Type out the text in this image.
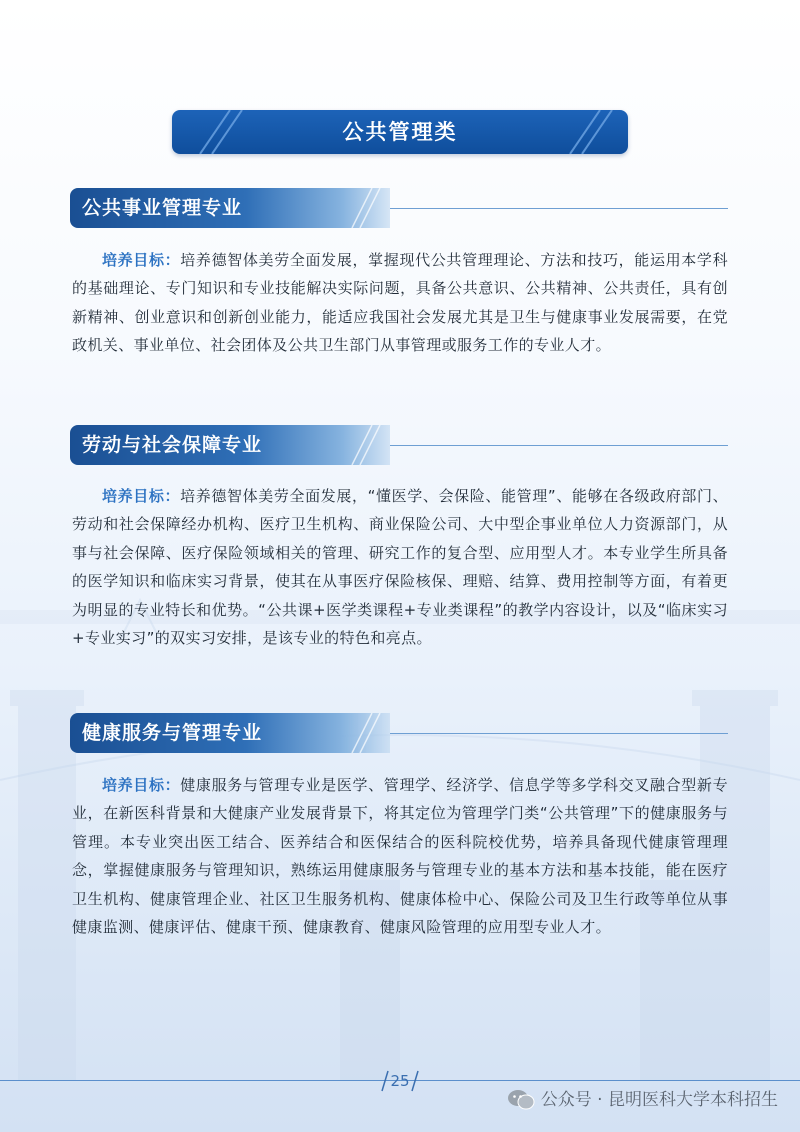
公共管理类
公共事业管理专业
培养目标：培养德智体美劳全面发展，掌握现代公共管理理论、方法和技巧，能运用本学科的基础理论、专门知识和专业技能解决实际问题，具备公共意识、公共精神、公共责任，具有创新精神、创业意识和创新创业能力，能适应我国社会发展尤其是卫生与健康事业发展需要，在党政机关、事业单位、社会团体及公共卫生部门从事管理或服务工作的专业人才。
劳动与社会保障专业
培养目标：培养德智体美劳全面发展，“懂医学、会保险、能管理”、能够在各级政府部门、劳动和社会保障经办机构、医疗卫生机构、商业保险公司、大中型企事业单位人力资源部门，从事与社会保障、医疗保险领域相关的管理、研究工作的复合型、应用型人才。本专业学生所具备的医学知识和临床实习背景，使其在从事医疗保险核保、理赔、结算、费用控制等方面，有着更为明显的专业特长和优势。“公共课+医学类课程+专业类课程”的教学内容设计，以及“临床实习+专业实习”的双实习安排，是该专业的特色和亮点。
健康服务与管理专业
培养目标：健康服务与管理专业是医学、管理学、经济学、信息学等多学科交叉融合型新专业，在新医科背景和大健康产业发展背景下，将其定位为管理学门类“公共管理”下的健康服务与管理。本专业突出医工结合、医养结合和医保结合的医科院校优势，培养具备现代健康管理理念，掌握健康服务与管理知识，熟练运用健康服务与管理专业的基本方法和基本技能，能在医疗卫生机构、健康管理企业、社区卫生服务机构、健康体检中心、保险公司及卫生行政等单位从事健康监测、健康评估、健康干预、健康教育、健康风险管理的应用型专业人才。
25
公众号 · 昆明医科大学本科招生
